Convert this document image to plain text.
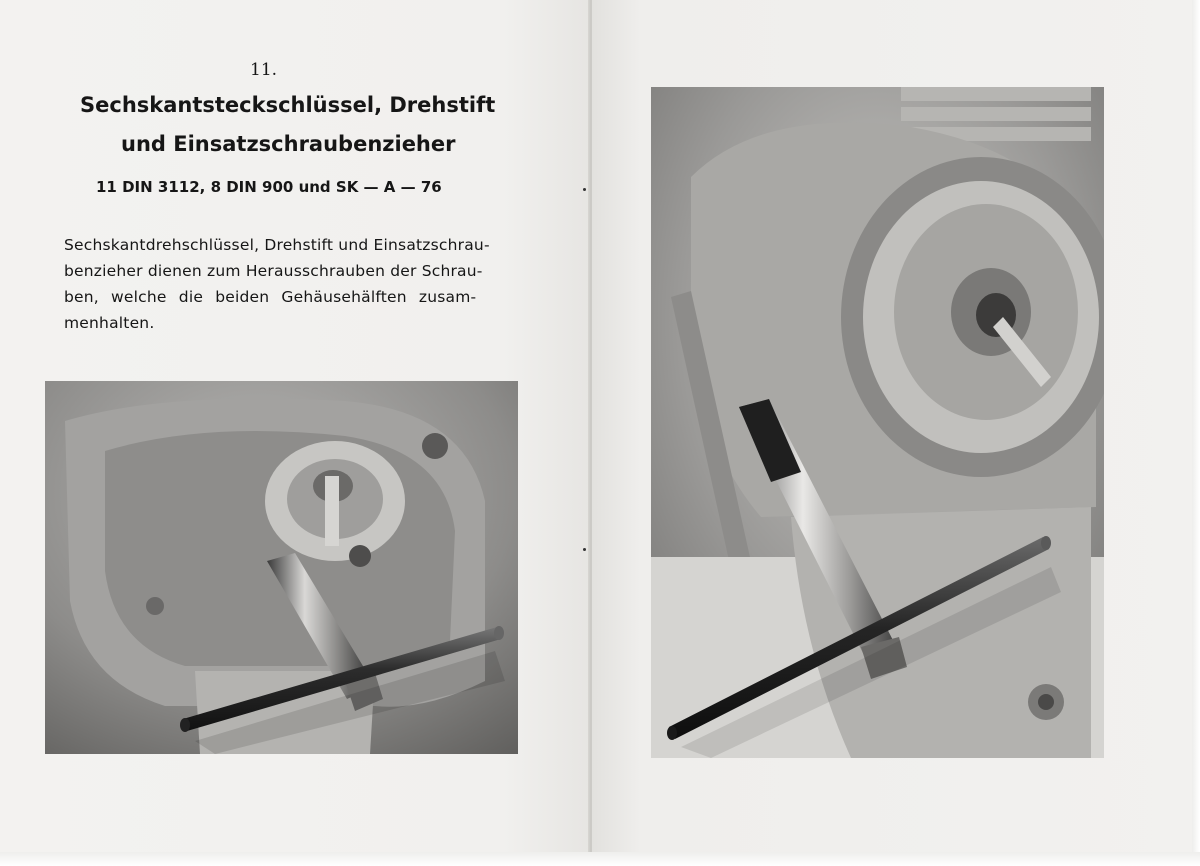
11.
Sechskantsteckschlüssel, Drehstift
und Einsatzschraubenzieher
11 DIN 3112, 8 DIN 900 und SK — A — 76
Sechskantdrehschlüssel, Drehstift und Einsatzschrau-
benzieher dienen zum Herausschrauben der Schrau-
ben, welche die beiden Gehäusehälften zusam-
menhalten.
